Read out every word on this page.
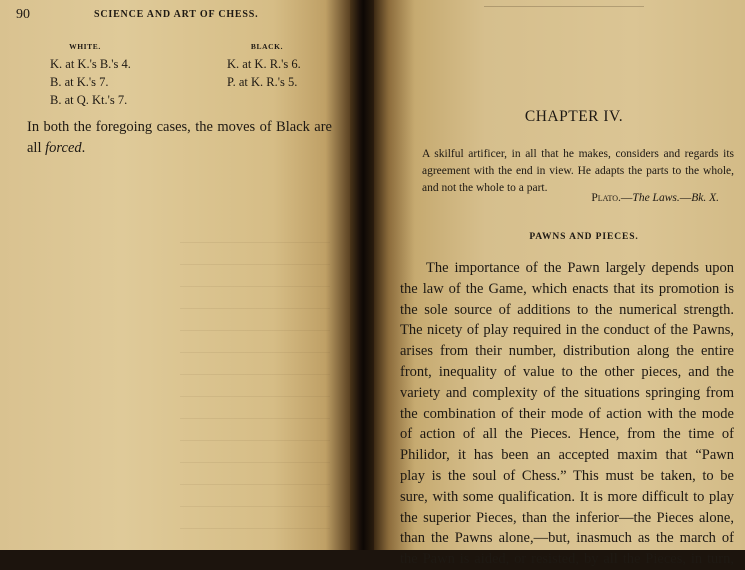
90	SCIENCE AND ART OF CHESS.
WHITE.
K. at K.'s B.'s 4.
B. at K.'s 7.
B. at Q. Kt.'s 7.
BLACK.
K. at K. R.'s 6.
P. at K. R.'s 5.
In both the foregoing cases, the moves of Black are
all forced.
CHAPTER IV.
A skilful artificer, in all that he makes, considers and regards its agreement with the end in view. He adapts the parts to the whole, and not the whole to a part.
Plato.—The Laws.—Bk. X.
PAWNS AND PIECES.
The importance of the Pawn largely depends upon
the law of the Game, which enacts that its promotion is
the sole source of additions to the numerical strength.
The nicety of play required in the conduct of the Pawns,
arises from their number, distribution along the entire
front, inequality of value to the other pieces, and the
variety and complexity of the situations springing from
the combination of their mode of action with the mode
of action of all the Pieces. Hence, from the time of
Philidor, it has been an accepted maxim that “Pawn
play is the soul of Chess.” This must be taken, to be
sure, with some qualification. It is more difficult to play
the superior Pieces, than the inferior—the Pieces alone,
than the Pawns alone,—but, inasmuch as the march of
the Pawn is aided, or resisted, by all the Pieces, in turn,
